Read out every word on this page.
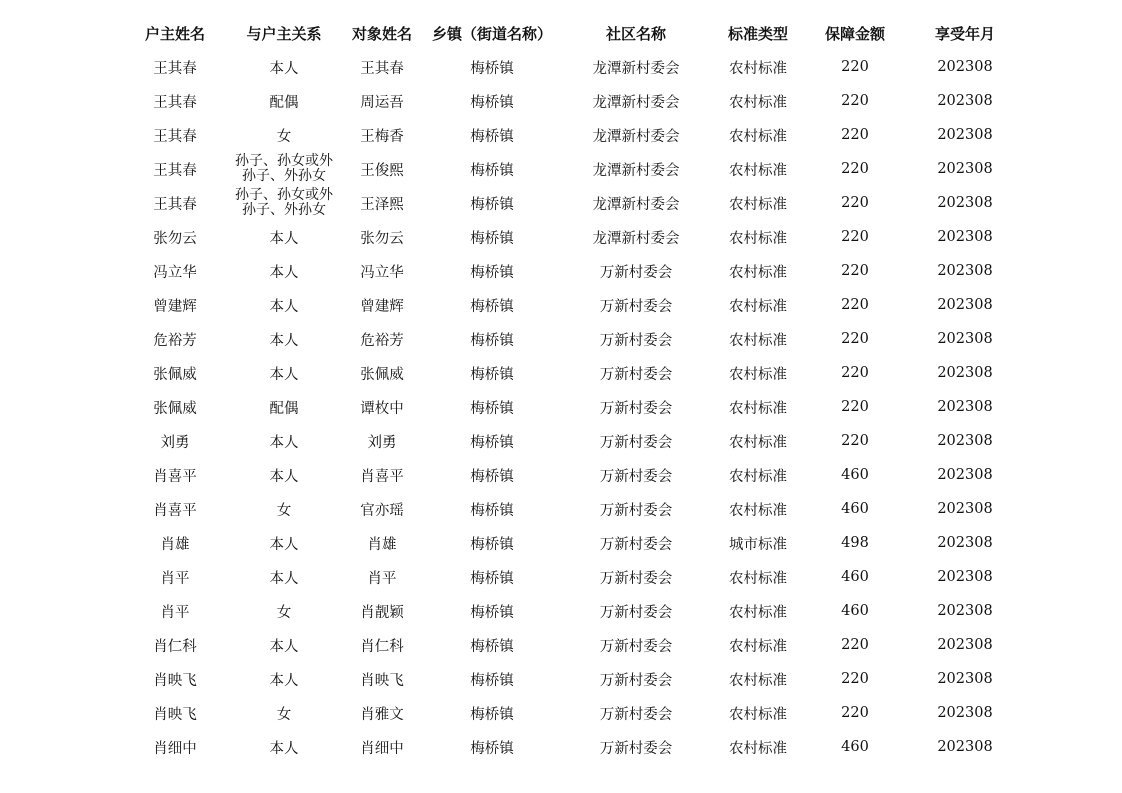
户主姓名	与户主关系	对象姓名	乡镇（街道名称）	社区名称	标准类型	保障金额	享受年月
王其春	本人	王其春	梅桥镇	龙潭新村委会	农村标准	220	202308
王其春	配偶	周运吾	梅桥镇	龙潭新村委会	农村标准	220	202308
王其春	女	王梅香	梅桥镇	龙潭新村委会	农村标准	220	202308
王其春	孙子、孙女或外孙子、外孙女	王俊熙	梅桥镇	龙潭新村委会	农村标准	220	202308
王其春	孙子、孙女或外孙子、外孙女	王泽熙	梅桥镇	龙潭新村委会	农村标准	220	202308
张勿云	本人	张勿云	梅桥镇	龙潭新村委会	农村标准	220	202308
冯立华	本人	冯立华	梅桥镇	万新村委会	农村标准	220	202308
曾建辉	本人	曾建辉	梅桥镇	万新村委会	农村标准	220	202308
危裕芳	本人	危裕芳	梅桥镇	万新村委会	农村标准	220	202308
张佩威	本人	张佩威	梅桥镇	万新村委会	农村标准	220	202308
张佩威	配偶	谭枚中	梅桥镇	万新村委会	农村标准	220	202308
刘勇	本人	刘勇	梅桥镇	万新村委会	农村标准	220	202308
肖喜平	本人	肖喜平	梅桥镇	万新村委会	农村标准	460	202308
肖喜平	女	官亦瑶	梅桥镇	万新村委会	农村标准	460	202308
肖雄	本人	肖雄	梅桥镇	万新村委会	城市标准	498	202308
肖平	本人	肖平	梅桥镇	万新村委会	农村标准	460	202308
肖平	女	肖靓颖	梅桥镇	万新村委会	农村标准	460	202308
肖仁科	本人	肖仁科	梅桥镇	万新村委会	农村标准	220	202308
肖映飞	本人	肖映飞	梅桥镇	万新村委会	农村标准	220	202308
肖映飞	女	肖雅文	梅桥镇	万新村委会	农村标准	220	202308
肖细中	本人	肖细中	梅桥镇	万新村委会	农村标准	460	202308
